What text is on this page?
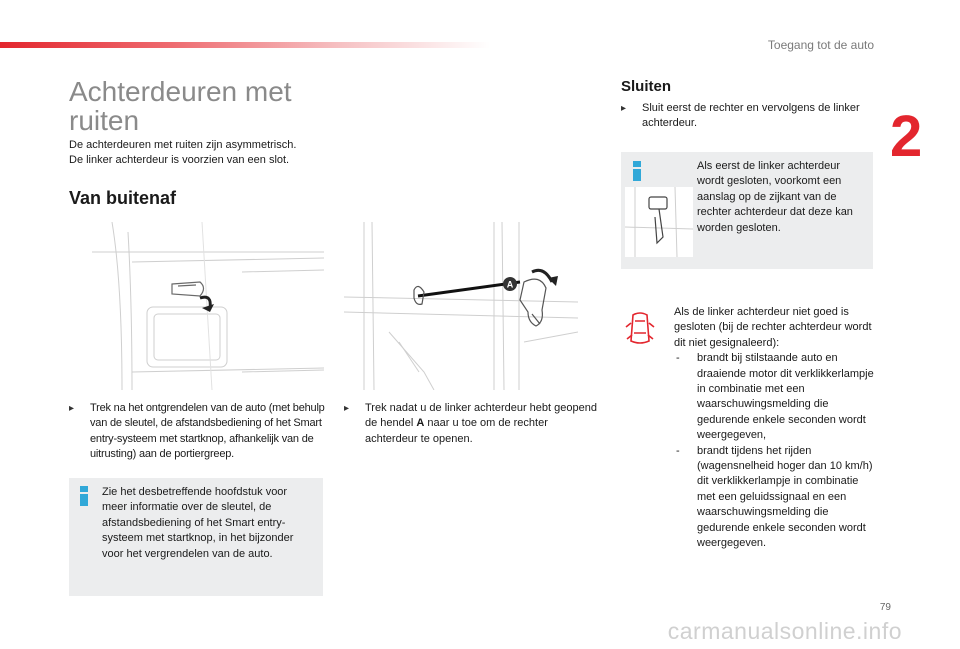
Toegang tot de auto
2
Achterdeuren met ruiten
De achterdeuren met ruiten zijn asymmetrisch.
De linker achterdeur is voorzien van een slot.
Van buitenaf
▸ Trek na het ontgrendelen van de auto (met behulp van de sleutel, de afstandsbediening of het Smart entry-systeem met startknop, afhankelijk van de uitrusting) aan de portiergreep.
Zie het desbetreffende hoofdstuk voor meer informatie over de sleutel, de afstandsbediening of het Smart entry-systeem met startknop, in het bijzonder voor het vergrendelen van de auto.
A
▸ Trek nadat u de linker achterdeur hebt geopend de hendel A naar u toe om de rechter achterdeur te openen.
Sluiten
▸ Sluit eerst de rechter en vervolgens de linker achterdeur.
Als eerst de linker achterdeur wordt gesloten, voorkomt een aanslag op de zijkant van de rechter achterdeur dat deze kan worden gesloten.
Als de linker achterdeur niet goed is gesloten (bij de rechter achterdeur wordt dit niet gesignaleerd):
- brandt bij stilstaande auto en draaiende motor dit verklikkerlampje in combinatie met een waarschuwingsmelding die gedurende enkele seconden wordt weergegeven,
- brandt tijdens het rijden (wagensnelheid hoger dan 10 km/h) dit verklikkerlampje in combinatie met een geluidssignaal en een waarschuwingsmelding die gedurende enkele seconden wordt weergegeven.
79
carmanualsonline.info
